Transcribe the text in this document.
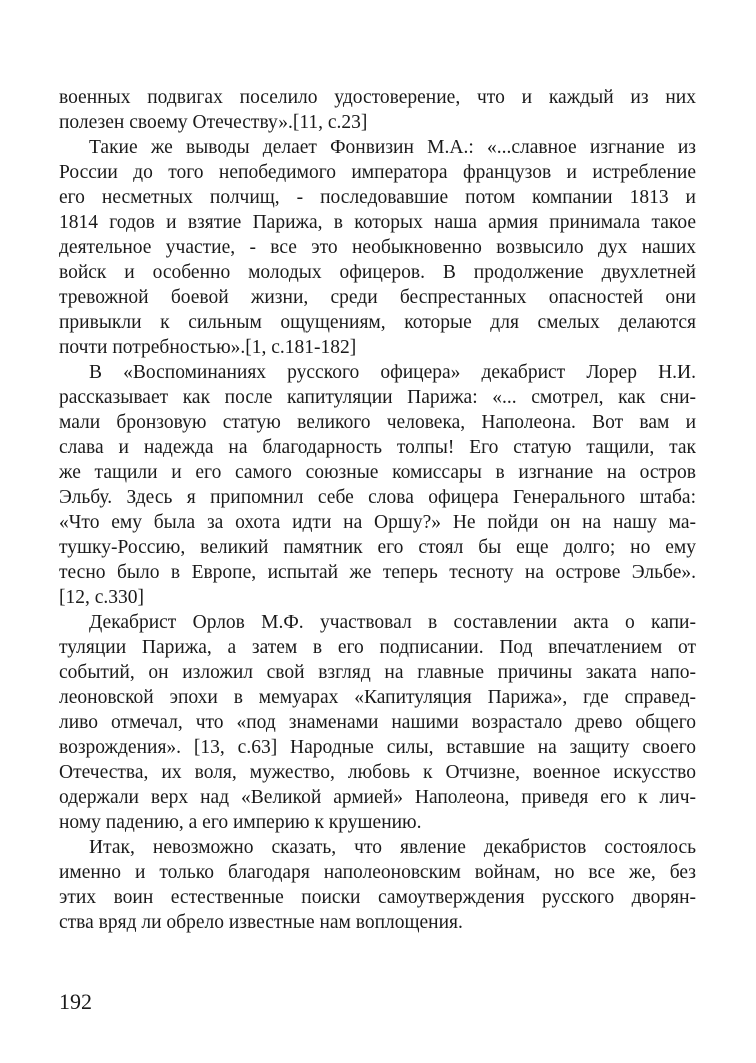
военных подвигах поселило удостоверение, что и каждый из них
полезен своему Отечеству».[11, с.23]
Такие же выводы делает Фонвизин М.А.: «...славное изгнание из
России до того непобедимого императора французов и истребление
его несметных полчищ, - последовавшие потом компании 1813 и
1814 годов и взятие Парижа, в которых наша армия принимала такое
деятельное участие, - все это необыкновенно возвысило дух наших
войск и особенно молодых офицеров. В продолжение двухлетней
тревожной боевой жизни, среди беспрестанных опасностей они
привыкли к сильным ощущениям, которые для смелых делаются
почти потребностью».[1, с.181-182]
В «Воспоминаниях русского офицера» декабрист Лорер Н.И.
рассказывает как после капитуляции Парижа: «... смотрел, как сни-
мали бронзовую статую великого человека, Наполеона. Вот вам и
слава и надежда на благодарность толпы! Его статую тащили, так
же тащили и его самого союзные комиссары в изгнание на остров
Эльбу. Здесь я припомнил себе слова офицера Генерального штаба:
«Что ему была за охота идти на Оршу?» Не пойди он на нашу ма-
тушку-Россию, великий памятник его стоял бы еще долго; но ему
тесно было в Европе, испытай же теперь тесноту на острове Эльбе».
[12, с.330]
Декабрист Орлов М.Ф. участвовал в составлении акта о капи-
туляции Парижа, а затем в его подписании. Под впечатлением от
событий, он изложил свой взгляд на главные причины заката напо-
леоновской эпохи в мемуарах «Капитуляция Парижа», где справед-
ливо отмечал, что «под знаменами нашими возрастало древо общего
возрождения». [13, с.63] Народные силы, вставшие на защиту своего
Отечества, их воля, мужество, любовь к Отчизне, военное искусство
одержали верх над «Великой армией» Наполеона, приведя его к лич-
ному падению, а его империю к крушению.
Итак, невозможно сказать, что явление декабристов состоялось
именно и только благодаря наполеоновским войнам, но все же, без
этих воин естественные поиски самоутверждения русского дворян-
ства вряд ли обрело известные нам воплощения.
192
